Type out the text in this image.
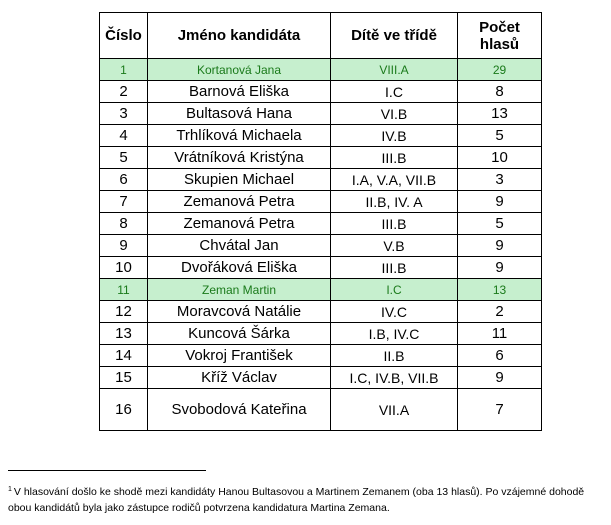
Číslo	Jméno kandidáta	Dítě ve třídě	Počet
hlasů
1	Kortanová Jana	VIII.A	29
2	Barnová Eliška	I.C	8
3	Bultasová Hana	VI.B	13
4	Trhlíková Michaela	IV.B	5
5	Vrátníková Kristýna	III.B	10
6	Skupien Michael	I.A, V.A, VII.B	3
7	Zemanová Petra	II.B, IV. A	9
8	Zemanová Petra	III.B	5
9	Chvátal Jan	V.B	9
10	Dvořáková Eliška	III.B	9
11	Zeman Martin	I.C	13
12	Moravcová Natálie	IV.C	2
13	Kuncová Šárka	I.B, IV.C	11
14	Vokroj František	II.B	6
15	Kříž Václav	I.C, IV.B, VII.B	9
16	Svobodová Kateřina	VII.A	7
$^1$ V hlasování došlo ke shodě mezi kandidáty Hanou Bultasovou a Martinem Zemanem (oba 13 hlasů). Po vzájemné dohodě obou kandidátů byla jako zástupce rodičů potvrzena kandidatura Martina Zemana.
